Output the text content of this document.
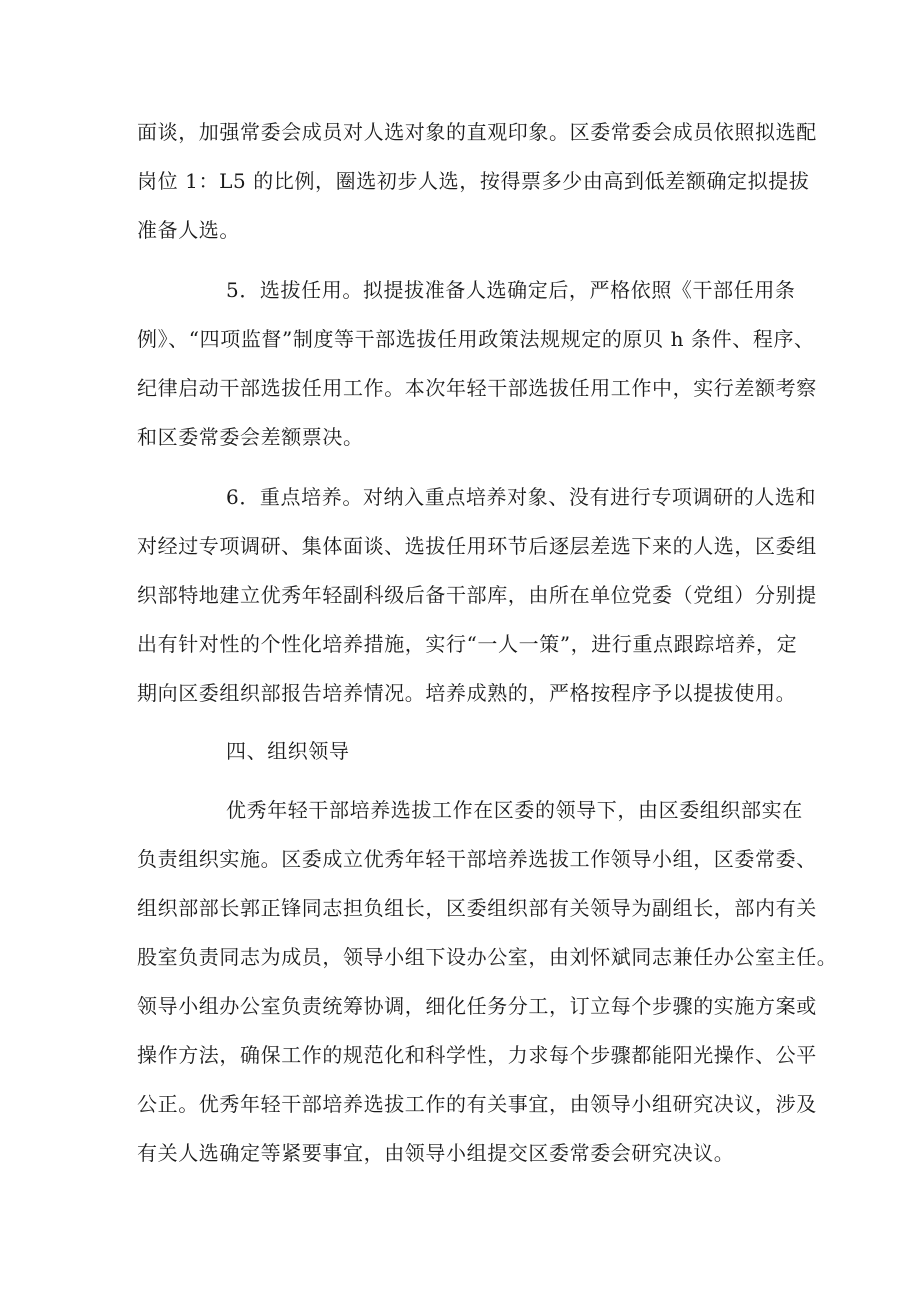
面谈，加强常委会成员对人选对象的直观印象。区委常委会成员依照拟选配
岗位 1：L5 的比例，圈选初步人选，按得票多少由高到低差额确定拟提拔
准备人选。
5．选拔任用。拟提拔准备人选确定后，严格依照《干部任用条
例》、“四项监督”制度等干部选拔任用政策法规规定的原贝 h 条件、程序、
纪律启动干部选拔任用工作。本次年轻干部选拔任用工作中，实行差额考察
和区委常委会差额票决。
6．重点培养。对纳入重点培养对象、没有进行专项调研的人选和
对经过专项调研、集体面谈、选拔任用环节后逐层差选下来的人选，区委组
织部特地建立优秀年轻副科级后备干部库，由所在单位党委（党组）分别提
出有针对性的个性化培养措施，实行“一人一策”，进行重点跟踪培养，定
期向区委组织部报告培养情况。培养成熟的，严格按程序予以提拔使用。
四、组织领导
优秀年轻干部培养选拔工作在区委的领导下，由区委组织部实在
负责组织实施。区委成立优秀年轻干部培养选拔工作领导小组，区委常委、
组织部部长郭正锋同志担负组长，区委组织部有关领导为副组长，部内有关
股室负责同志为成员，领导小组下设办公室，由刘怀斌同志兼任办公室主任。
领导小组办公室负责统筹协调，细化任务分工，订立每个步骤的实施方案或
操作方法，确保工作的规范化和科学性，力求每个步骤都能阳光操作、公平
公正。优秀年轻干部培养选拔工作的有关事宜，由领导小组研究决议，涉及
有关人选确定等紧要事宜，由领导小组提交区委常委会研究决议。
